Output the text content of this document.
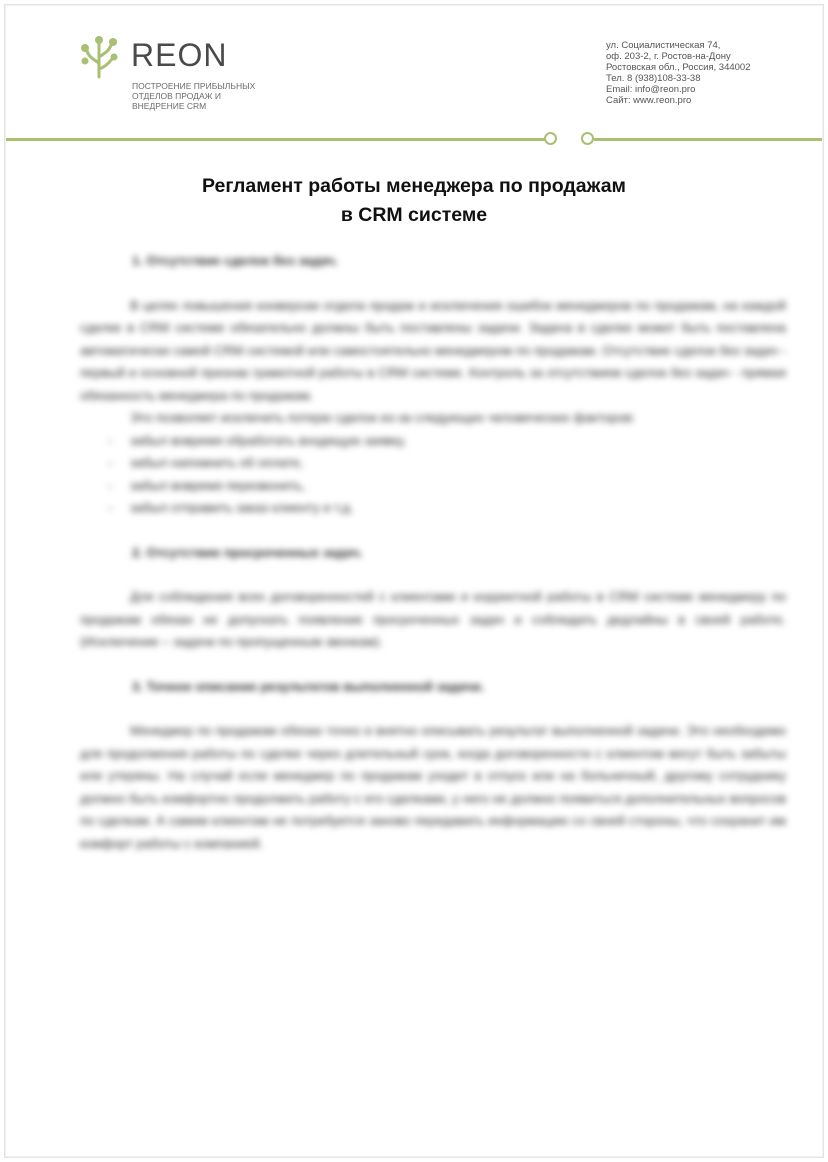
REON
ПОСТРОЕНИЕ ПРИБЫЛЬНЫХ
ОТДЕЛОВ ПРОДАЖ И
ВНЕДРЕНИЕ CRM
ул. Социалистическая 74,
оф. 203-2, г. Ростов-на-Дону
Ростовская обл., Россия, 344002
Тел. 8 (938)108-33-38
Email: info@reon.pro
Сайт: www.reon.pro
Регламент работы менеджера по продажам
в CRM системе
1. Отсутствие сделок без задач.

В целях повышения конверсии отдела продаж и исключения ошибок менеджеров по продажам, на каждой сделке в CRM системе обязательно должны быть поставлены задачи. Задача в сделке может быть поставлена автоматически самой CRM системой или самостоятельно менеджером по продажам. Отсутствие сделок без задач - первый и основной признак грамотной работы в CRM системе. Контроль за отсутствием сделок без задач - прямая обязанность менеджера по продажам.

Это позволяет исключить потерю сделок из-за следующих человеческих факторов:

- забыл вовремя обработать входящую заявку,
- забыл напомнить об оплате,
- забыл вовремя перезвонить,
- забыл отправить заказ клиенту и т.д.
2. Отсутствие просроченных задач.

Для соблюдения всех договоренностей с клиентами и корректной работы в CRM системе менеджеру по продажам обязан не допускать появление просроченных задач и соблюдать дедлайны в своей работе. (Исключение – задачи по пропущенным звонкам).

3. Точное описание результатов выполненной задачи.

Менеджер по продажам обязан точно и внятно описывать результат выполненной задачи. Это необходимо для продолжения работы по сделке через длительный срок, когда договоренности с клиентом могут быть забыты или утеряны. На случай если менеджер по продажам уходит в отпуск или на больничный, другому сотруднику должно быть комфортно продолжить работу с его сделками, у него не должно появиться дополнительных вопросов по сделкам. А самим клиентам не потребуется заново передавать информацию со своей стороны, что сохранит им комфорт работы с компанией.
